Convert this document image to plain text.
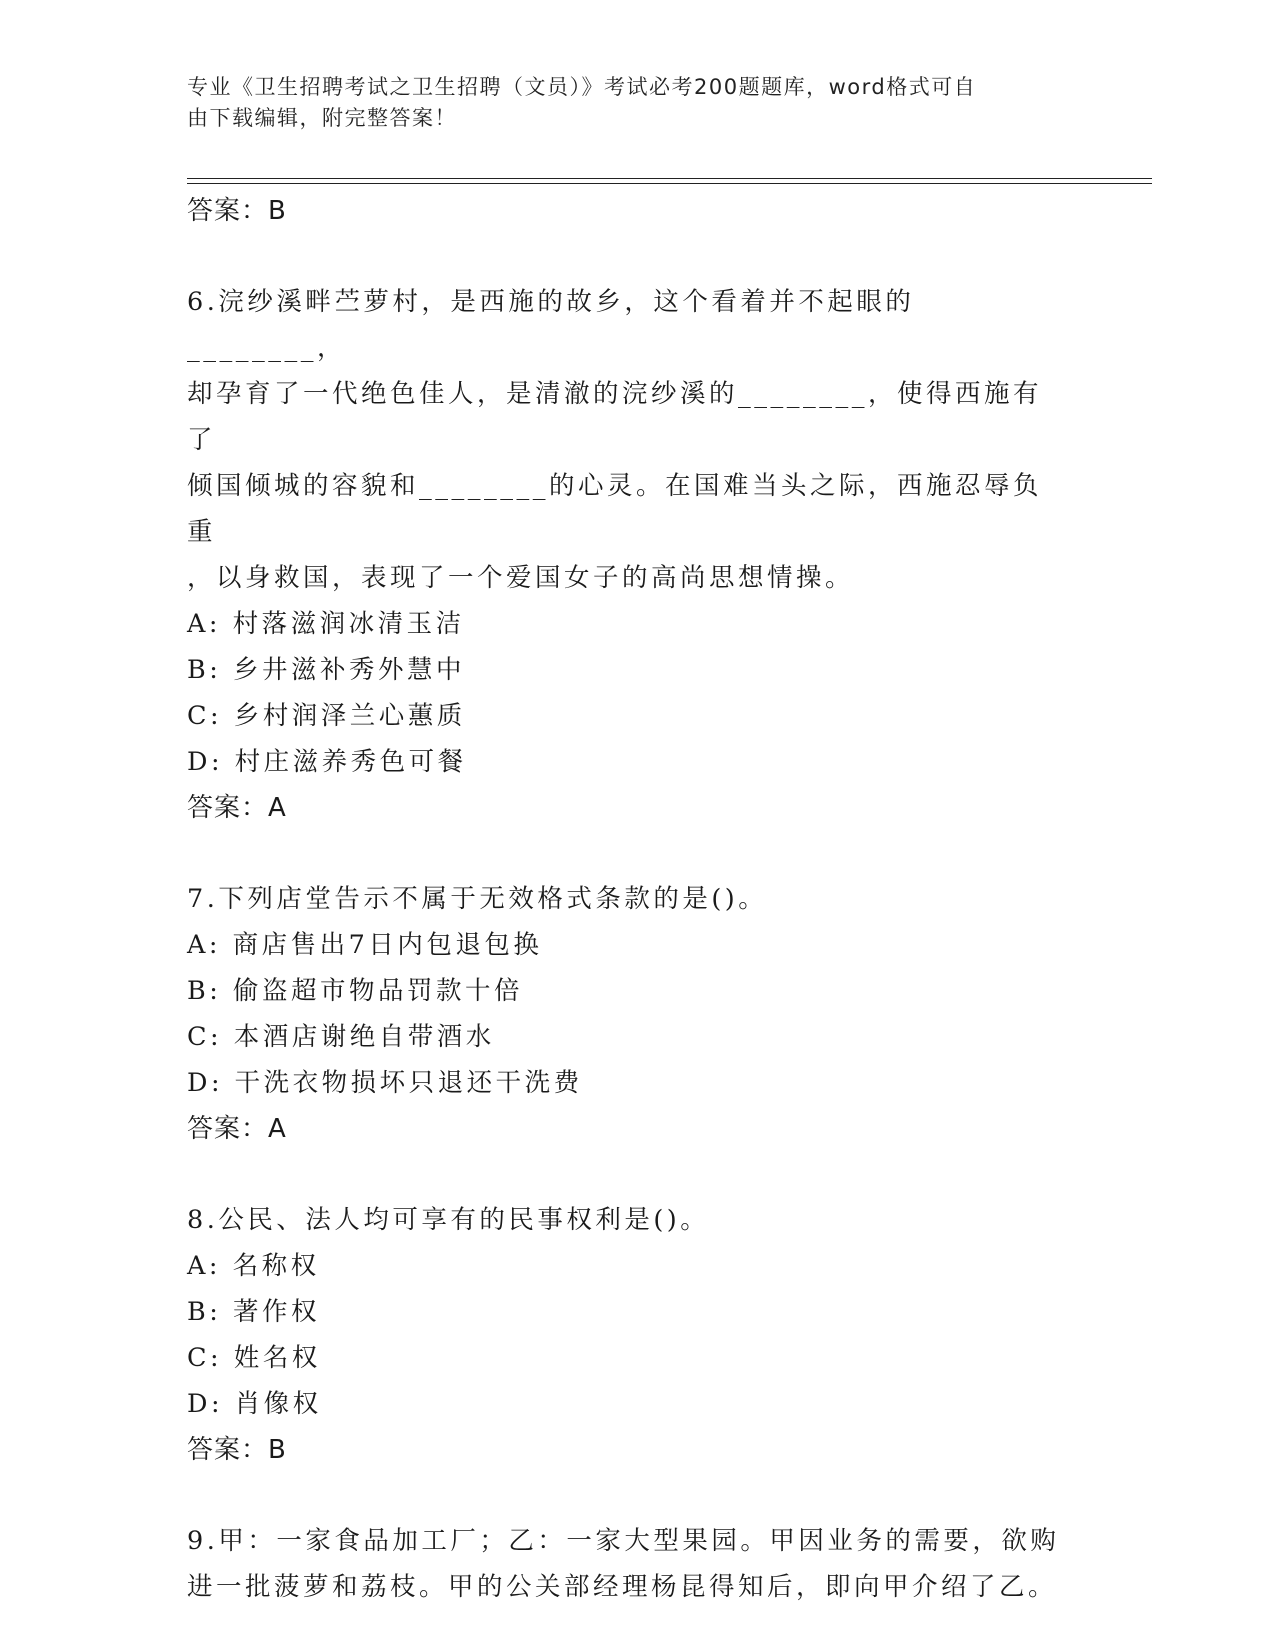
专业《卫生招聘考试之卫生招聘（文员）》考试必考200题题库，word格式可自
由下载编辑，附完整答案！
答案：B
6.浣纱溪畔苎萝村，是西施的故乡，这个看着并不起眼的________，
却孕育了一代绝色佳人，是清澈的浣纱溪的________，使得西施有了
倾国倾城的容貌和________的心灵。在国难当头之际，西施忍辱负重
，以身救国，表现了一个爱国女子的高尚思想情操。
A: 村落滋润冰清玉洁
B: 乡井滋补秀外慧中
C: 乡村润泽兰心蕙质
D: 村庄滋养秀色可餐
答案：A
7.下列店堂告示不属于无效格式条款的是()。
A: 商店售出7日内包退包换
B: 偷盗超市物品罚款十倍
C: 本酒店谢绝自带酒水
D: 干洗衣物损坏只退还干洗费
答案：A
8.公民、法人均可享有的民事权利是()。
A: 名称权
B: 著作权
C: 姓名权
D: 肖像权
答案：B
9.甲：一家食品加工厂；乙：一家大型果园。甲因业务的需要，欲购
进一批菠萝和荔枝。甲的公关部经理杨昆得知后，即向甲介绍了乙。
